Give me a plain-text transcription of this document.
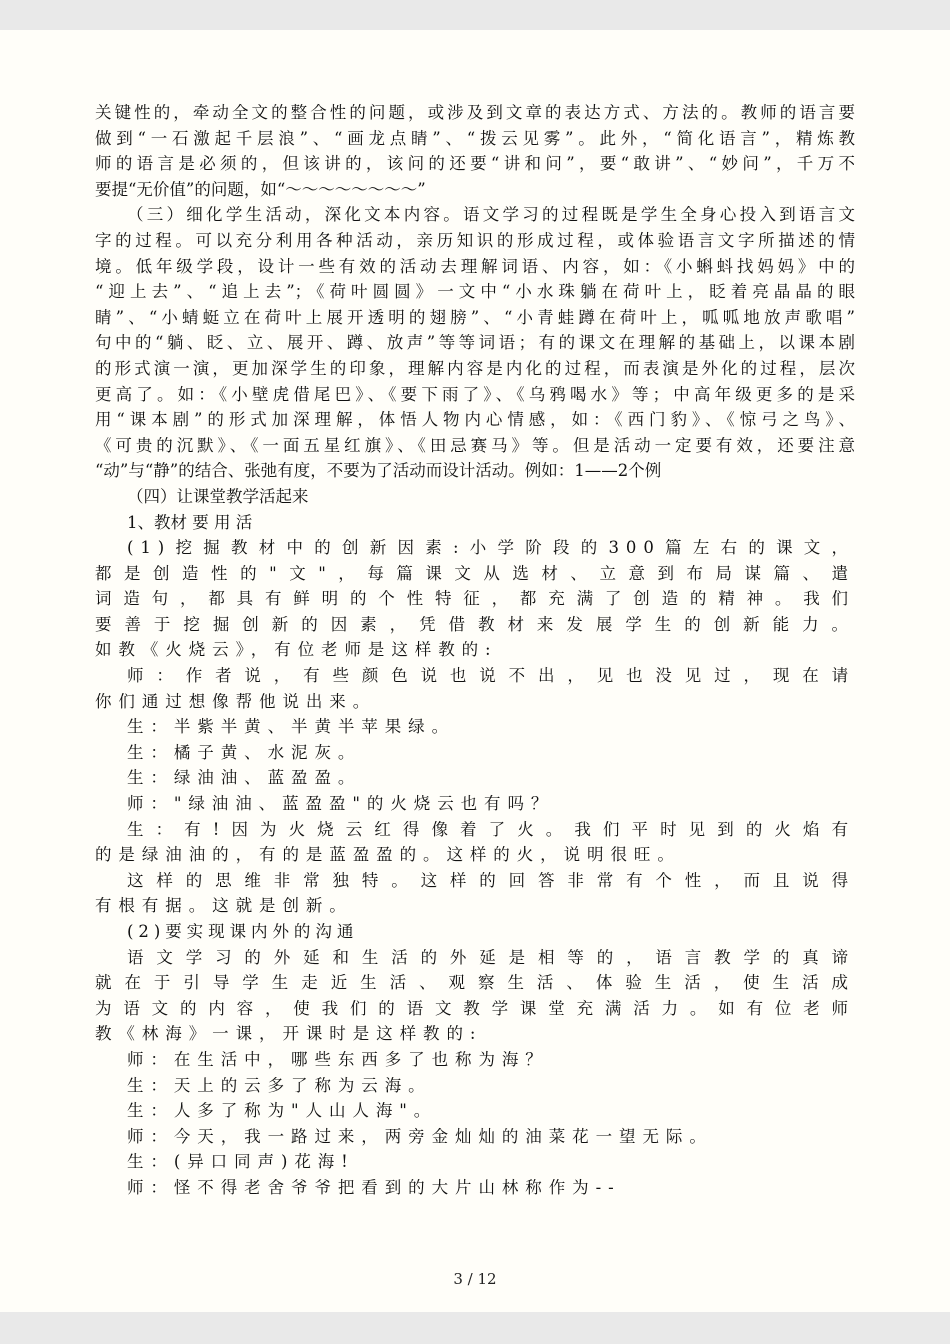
关键性的，牵动全文的整合性的问题，或涉及到文章的表达方式、方法的。教师的语言要
做到“一石激起千层浪”、“画龙点睛”、“拨云见雾”。此外，“简化语言”，精炼教
师的语言是必须的，但该讲的，该问的还要“讲和问”，要“敢讲”、“妙问”，千万不
要提“无价值”的问题，如“～～～～～～～～”
（三）细化学生活动，深化文本内容。语文学习的过程既是学生全身心投入到语言文
字的过程。可以充分利用各种活动，亲历知识的形成过程，或体验语言文字所描述的情
境。低年级学段，设计一些有效的活动去理解词语、内容，如：《小蝌蚪找妈妈》中的
“迎上去”、“追上去”；《荷叶圆圆》一文中“小水珠躺在荷叶上，眨着亮晶晶的眼
睛”、“小蜻蜓立在荷叶上展开透明的翅膀”、“小青蛙蹲在荷叶上，呱呱地放声歌唱”
句中的“躺、眨、立、展开、蹲、放声”等等词语；有的课文在理解的基础上，以课本剧
的形式演一演，更加深学生的印象，理解内容是内化的过程，而表演是外化的过程，层次
更高了。如：《小壁虎借尾巴》、《要下雨了》、《乌鸦喝水》等；中高年级更多的是采
用“课本剧”的形式加深理解，体悟人物内心情感，如：《西门豹》、《惊弓之鸟》、
《可贵的沉默》、《一面五星红旗》、《田忌赛马》等。但是活动一定要有效，还要注意
“动”与“静”的结合、张弛有度，不要为了活动而设计活动。例如：1——2个例
（四）让课堂教学活起来
1、教材 要 用 活
(1)挖掘教材中的创新因素:小学阶段的300篇左右的课文，
都是创造性的"文"，每篇课文从选材、立意到布局谋篇、遣
词造句，都具有鲜明的个性特征，都充满了创造的精神。我们
要善于挖掘创新的因素，凭借教材来发展学生的创新能力。
如教《火烧云》，有位老师是这样教的:
师：作者说，有些颜色说也说不出，见也没见过，现在请
你们通过想像帮他说出来。
生：半紫半黄、半黄半苹果绿。
生：橘子黄、水泥灰。
生：绿油油、蓝盈盈。
师："绿油油、蓝盈盈"的火烧云也有吗？
生：有!因为火烧云红得像着了火。我们平时见到的火焰有
的是绿油油的，有的是蓝盈盈的。这样的火，说明很旺。
这样的思维非常独特。这样的回答非常有个性，而且说得
有根有据。这就是创新。
(2)要实现课内外的沟通
语文学习的外延和生活的外延是相等的，语言教学的真谛
就在于引导学生走近生活、观察生活、体验生活，使生活成
为语文的内容，使我们的语文教学课堂充满活力。如有位老师
教《林海》一课，开课时是这样教的:
师：在生活中，哪些东西多了也称为海？
生：天上的云多了称为云海。
生：人多了称为"人山人海"。
师：今天，我一路过来，两旁金灿灿的油菜花一望无际。
生：(异口同声)花海!
师：怪不得老舍爷爷把看到的大片山林称作为--
3 / 12
